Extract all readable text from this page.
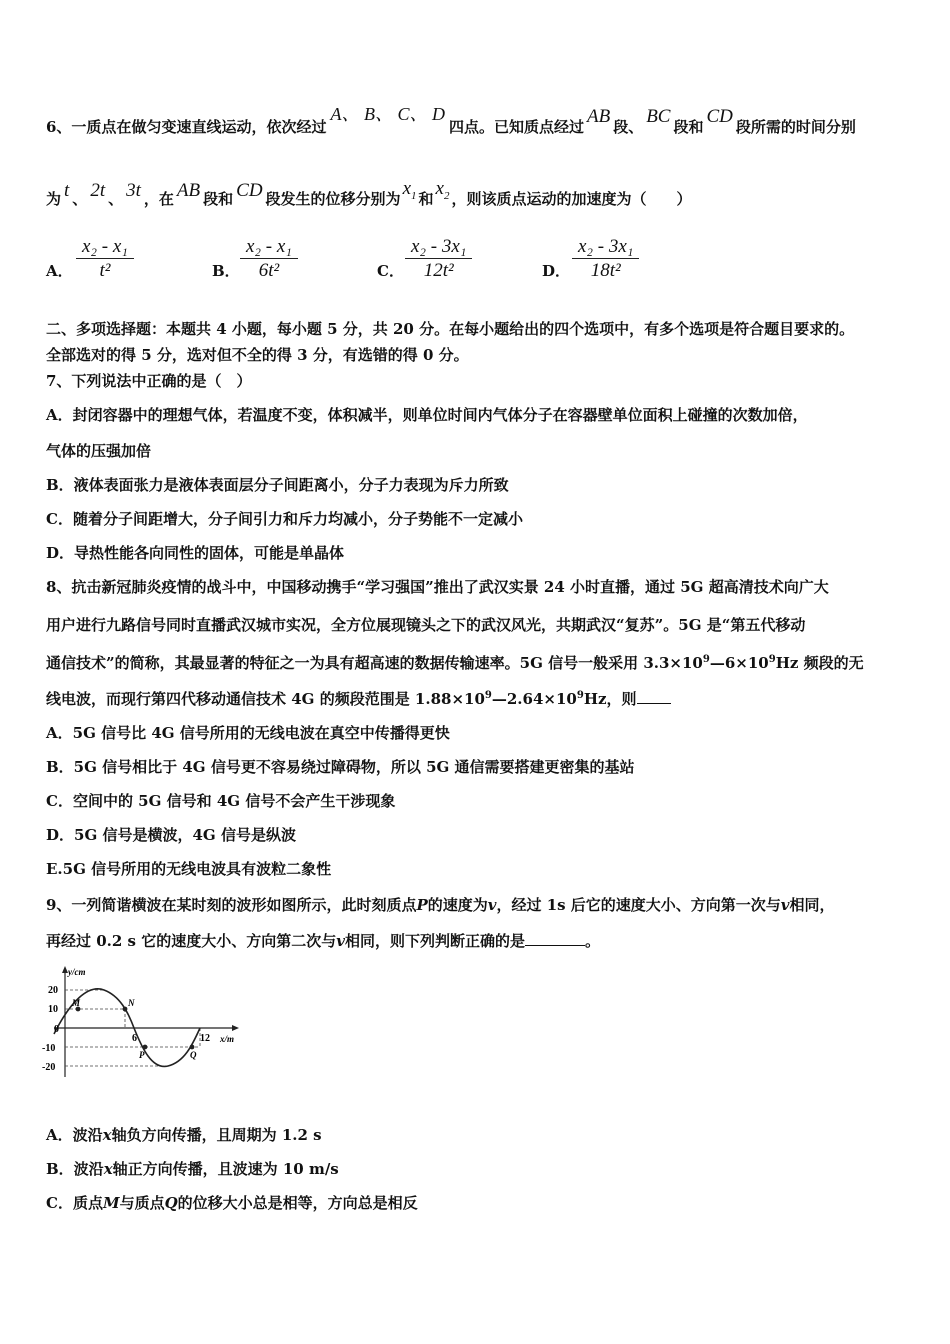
6、一质点在做匀变速直线运动，依次经过A、 B、 C、 D四点。已知质点经过 AB 段、 BC 段和 CD 段所需的时间分别
为 t 、 2t 、 3t ，在 AB 段和 CD 段发生的位移分别为 $x_1$ 和 $x_2$ ，则该质点运动的加速度为（　　）
A． $\frac{\text{x₂ - x₁}}{\text{t²}}$	B． $\frac{\text{x₂ - x₁}}{\text{6t²}}$	C． $\frac{\text{x₂ - 3x₁}}{\text{12t²}}$	D． $\frac{\text{x₂ - 3x₁}}{\text{18t²}}$
二、多项选择题：本题共 4 小题，每小题 5 分，共 20 分。在每小题给出的四个选项中，有多个选项是符合题目要求的。
全部选对的得 5 分，选对但不全的得 3 分，有选错的得 0 分。
7、下列说法中正确的是（　）
A．封闭容器中的理想气体，若温度不变，体积减半，则单位时间内气体分子在容器壁单位面积上碰撞的次数加倍，
气体的压强加倍
B．液体表面张力是液体表面层分子间距离小，分子力表现为斥力所致
C．随着分子间距增大，分子间引力和斥力均减小，分子势能不一定减小
D．导热性能各向同性的固体，可能是单晶体
8、抗击新冠肺炎疫情的战斗中，中国移动携手“学习强国”推出了武汉实景 24 小时直播，通过 5G 超高清技术向广大
用户进行九路信号同时直播武汉城市实况，全方位展现镜头之下的武汉风光，共期武汉“复苏”。5G 是“第五代移动
通信技术”的简称，其最显著的特征之一为具有超高速的数据传输速率。5G 信号一般采用 $3.3\times 10^9—6\times 10^9Hz$ 频段的无
线电波，而现行第四代移动通信技术 4G 的频段范围是 $1.88\times 10^9—2.64\times 10^9Hz$，则
A．5G 信号比 4G 信号所用的无线电波在真空中传播得更快
B．5G 信号相比于 4G 信号更不容易绕过障碍物，所以 5G 通信需要搭建更密集的基站
C．空间中的 5G 信号和 4G 信号不会产生干涉现象
D．5G 信号是横波，4G 信号是纵波
E.5G 信号所用的无线电波具有波粒二象性
9、一列简谐横波在某时刻的波形如图所示，此时刻质点P的速度为v，经过 1s 后它的速度大小、方向第一次与v相同，
再经过 0.2 s 它的速度大小、方向第二次与v相同，则下列判断正确的是	。
y/cm
x/m
20
10
0
-10
-20
6	12
M	N
P	Q
A．波沿x轴负方向传播，且周期为 1.2 s
B．波沿x轴正方向传播，且波速为 10 m/s
C．质点M与质点Q的位移大小总是相等，方向总是相反
